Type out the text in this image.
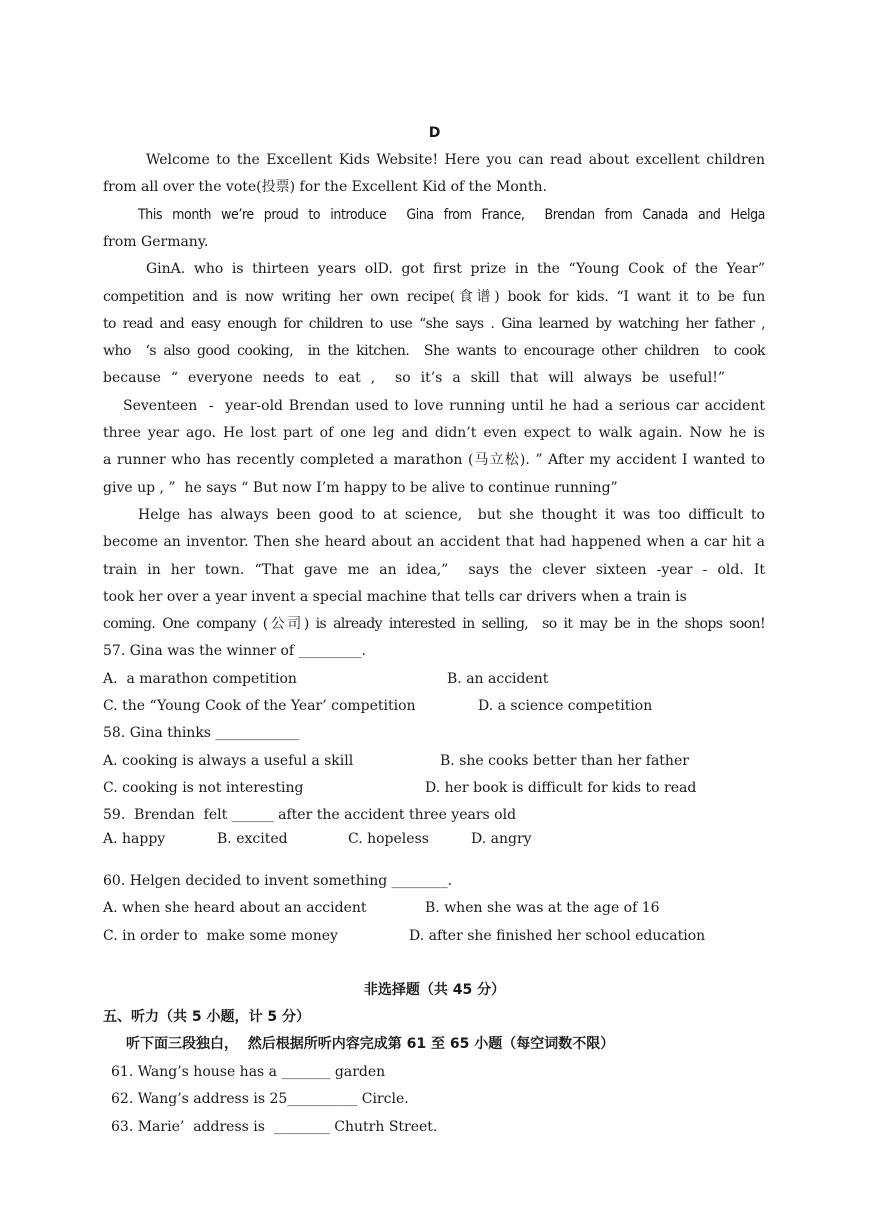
D
Welcome to the Excellent Kids Website! Here you can read about excellent children
from all over the vote(投票) for the Excellent Kid of the Month.
This month we’re proud to introduce  Gina from France,  Brendan from Canada and Helga
from Germany.
GinA. who is thirteen years olD. got first prize in the “Young Cook of the Year”
competition and is now writing her own recipe(食谱) book for kids. “I want it to be fun
to read and easy enough for children to use “she says . Gina learned by watching her father ,
who  ‘s also good cooking,  in the kitchen.  She wants to encourage other children  to cook
because “ everyone needs to eat ,  so it’s a skill that will always be useful!”
Seventeen  -  year-old Brendan used to love running until he had a serious car accident
three year ago. He lost part of one leg and didn’t even expect to walk again. Now he is
a runner who has recently completed a marathon (马立松). ” After my accident I wanted to
give up , ”  he says “ But now I’m happy to be alive to continue running”
Helge has always been good to at science,  but she thought it was too difficult to
become an inventor. Then she heard about an accident that had happened when a car hit a
train in her town. “That gave me an idea,”  says the clever sixteen -year - old. It
took her over a year invent a special machine that tells car drivers when a train is
coming. One company (公司) is already interested in selling,  so it may be in the shops soon!
57. Gina was the winner of _________.
A.  a marathon competition	B. an accident
C. the “Young Cook of the Year’ competition	D. a science competition
58. Gina thinks ____________
A. cooking is always a useful a skill	B. she cooks better than her father
C. cooking is not interesting	D. her book is difficult for kids to read
59.  Brendan  felt ______ after the accident three years old
A. happy	B. excited	C. hopeless	D. angry
60. Helgen decided to invent something ________.
A. when she heard about an accident	B. when she was at the age of 16
C. in order to  make some money	D. after she finished her school education
非选择题（共 45 分）
五、听力（共 5 小题，计 5 分）
听下面三段独白，  然后根据所听内容完成第 61 至 65 小题（每空词数不限）
61. Wang’s house has a _______ garden
62. Wang’s address is 25__________ Circle.
63. Marie’  address is  ________ Chutrh Street.
